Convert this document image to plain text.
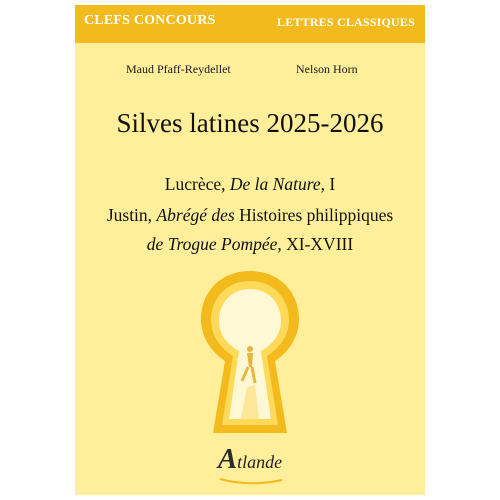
CLEFS CONCOURS	LETTRES CLASSIQUES
Maud Pfaff-Reydellet	Nelson Horn
Silves latines 2025-2026
Lucrèce, De la Nature, I
Justin, Abrégé des Histoires philippiques
de Trogue Pompée, XI-XVIII
Atlande
